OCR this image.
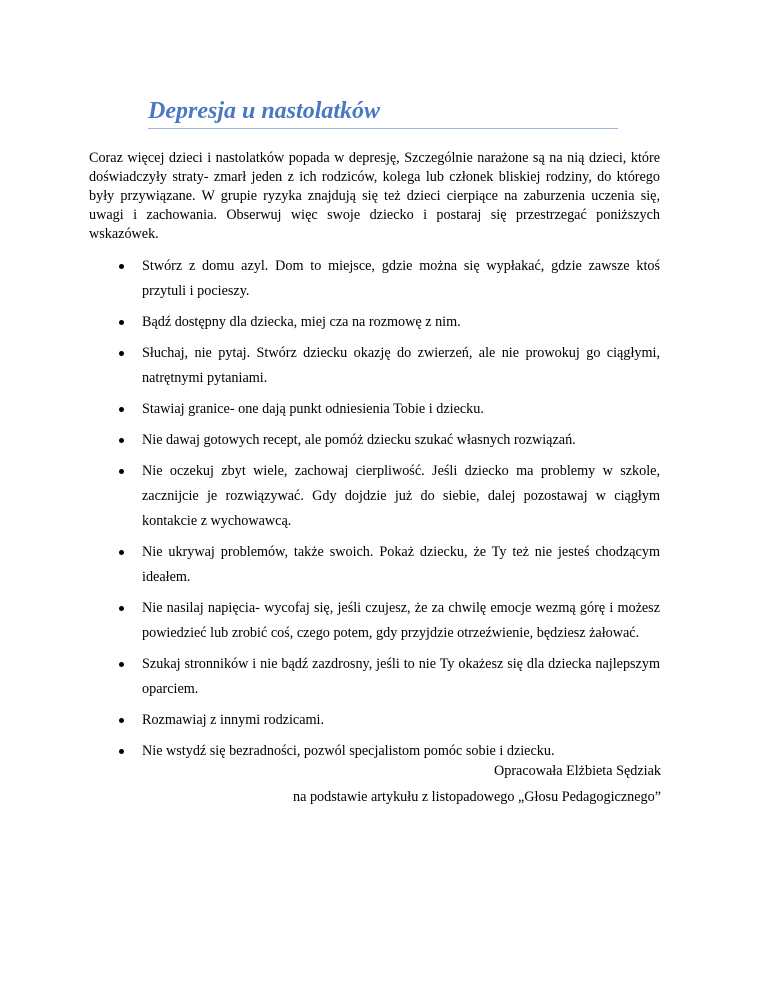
Depresja u nastolatków

Coraz więcej dzieci i nastolatków popada w depresję, Szczególnie narażone są na nią dzieci, które doświadczyły straty- zmarł jeden z ich rodziców, kolega lub członek bliskiej rodziny, do którego były przywiązane. W grupie ryzyka znajdują się też dzieci cierpiące na zaburzenia uczenia się, uwagi i zachowania. Obserwuj więc swoje dziecko i postaraj się przestrzegać poniższych wskazówek.

Stwórz z domu azyl. Dom to miejsce, gdzie można się wypłakać, gdzie zawsze ktoś przytuli i pocieszy.
Bądź dostępny dla dziecka, miej cza na rozmowę z nim.
Słuchaj, nie pytaj. Stwórz dziecku okazję do zwierzeń, ale nie prowokuj go ciągłymi, natrętnymi pytaniami.
Stawiaj granice- one dają punkt odniesienia Tobie i dziecku.
Nie dawaj gotowych recept, ale pomóż dziecku szukać własnych rozwiązań.
Nie oczekuj zbyt wiele, zachowaj cierpliwość. Jeśli dziecko ma problemy w szkole, zacznijcie je rozwiązywać. Gdy dojdzie już do siebie, dalej pozostawaj w ciągłym kontakcie z wychowawcą.
Nie ukrywaj problemów, także swoich. Pokaż dziecku, że Ty też nie jesteś chodzącym ideałem.
Nie nasilaj napięcia- wycofaj się, jeśli czujesz, że za chwilę emocje wezmą górę i możesz powiedzieć lub zrobić coś, czego potem, gdy przyjdzie otrzeźwienie, będziesz żałować.
Szukaj stronników i nie bądź zazdrosny, jeśli to nie Ty okażesz się dla dziecka najlepszym oparciem.
Rozmawiaj z innymi rodzicami.
Nie wstydź się bezradności, pozwól specjalistom pomóc sobie i dziecku.
Opracowała Elżbieta Sędziak
na podstawie artykułu z listopadowego „Głosu Pedagogicznego”
